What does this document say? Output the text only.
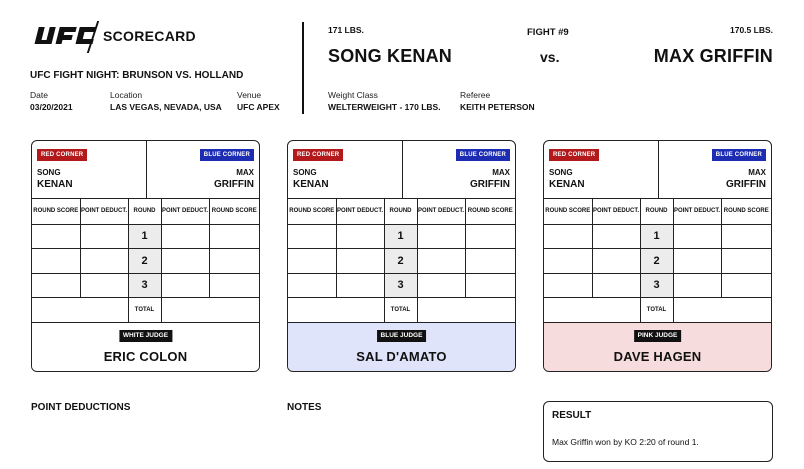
UFC
SCORECARD
UFC FIGHT NIGHT: BRUNSON VS. HOLLAND
Date
03/20/2021
Location
LAS VEGAS, NEVADA, USA
Venue
UFC APEX
171 LBS.	FIGHT #9	170.5 LBS.
SONG KENAN	vs.	MAX GRIFFIN
Weight Class
WELTERWEIGHT - 170 LBS.
Referee
KEITH PETERSON
RED CORNER
SONG
KENAN
BLUE CORNER
MAX
GRIFFIN
ROUND SCORE	POINT DEDUCT.	ROUND	POINT DEDUCT.	ROUND SCORE
		1		
		2		
		3		
		TOTAL		
WHITE JUDGE
ERIC COLON
RED CORNER
SONG
KENAN
BLUE CORNER
MAX
GRIFFIN
ROUND SCORE	POINT DEDUCT.	ROUND	POINT DEDUCT.	ROUND SCORE
		1		
		2		
		3		
		TOTAL		
BLUE JUDGE
SAL D'AMATO
RED CORNER
SONG
KENAN
BLUE CORNER
MAX
GRIFFIN
ROUND SCORE	POINT DEDUCT.	ROUND	POINT DEDUCT.	ROUND SCORE
		1		
		2		
		3		
		TOTAL		
PINK JUDGE
DAVE HAGEN
POINT DEDUCTIONS	NOTES
RESULT
Max Griffin won by KO 2:20 of round 1.
